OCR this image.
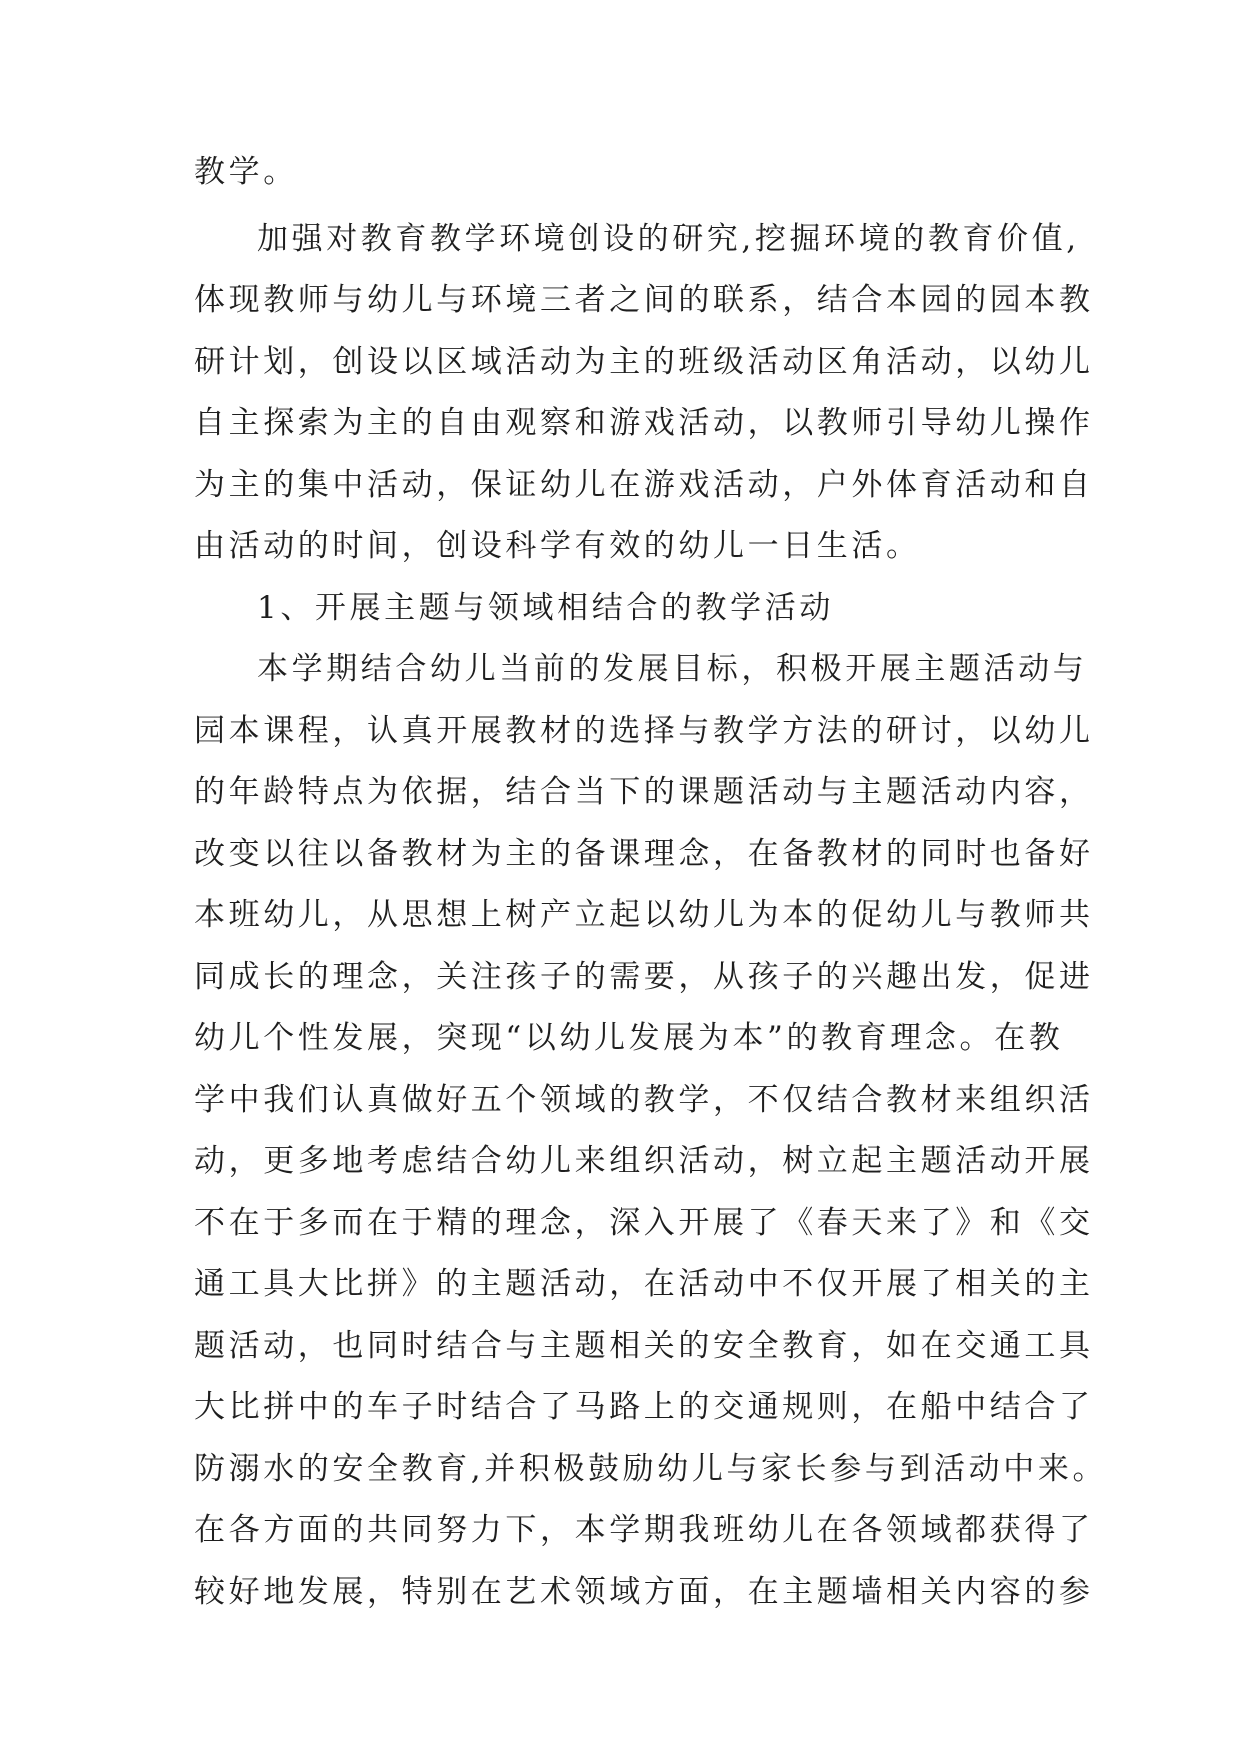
教学。
加强对教育教学环境创设的研究,挖掘环境的教育价值,
体现教师与幼儿与环境三者之间的联系，结合本园的园本教
研计划，创设以区域活动为主的班级活动区角活动，以幼儿
自主探索为主的自由观察和游戏活动，以教师引导幼儿操作
为主的集中活动，保证幼儿在游戏活动，户外体育活动和自
由活动的时间，创设科学有效的幼儿一日生活。
1、开展主题与领域相结合的教学活动
本学期结合幼儿当前的发展目标，积极开展主题活动与
园本课程，认真开展教材的选择与教学方法的研讨，以幼儿
的年龄特点为依据，结合当下的课题活动与主题活动内容，
改变以往以备教材为主的备课理念，在备教材的同时也备好
本班幼儿，从思想上树产立起以幼儿为本的促幼儿与教师共
同成长的理念，关注孩子的需要，从孩子的兴趣出发，促进
幼儿个性发展，突现“以幼儿发展为本”的教育理念。在教
学中我们认真做好五个领域的教学，不仅结合教材来组织活
动，更多地考虑结合幼儿来组织活动，树立起主题活动开展
不在于多而在于精的理念，深入开展了《春天来了》和《交
通工具大比拼》的主题活动，在活动中不仅开展了相关的主
题活动，也同时结合与主题相关的安全教育，如在交通工具
大比拼中的车子时结合了马路上的交通规则，在船中结合了
防溺水的安全教育,并积极鼓励幼儿与家长参与到活动中来。
在各方面的共同努力下，本学期我班幼儿在各领域都获得了
较好地发展，特别在艺术领域方面，在主题墙相关内容的参
